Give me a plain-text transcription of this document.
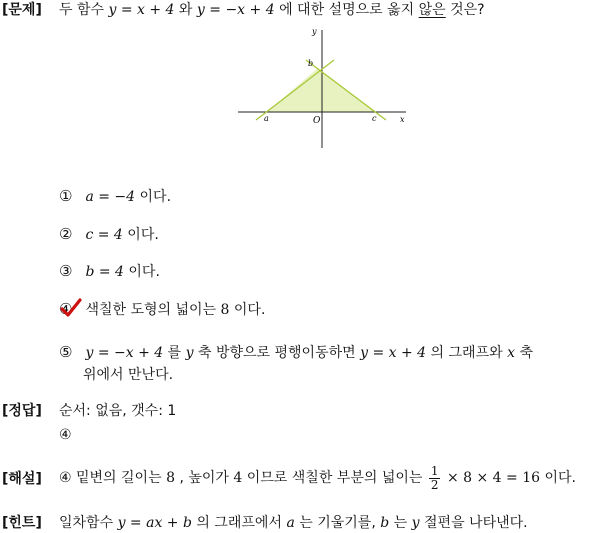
[문제] 두 함수 y = x + 4 와 y = −x + 4 에 대한 설명으로 옳지 않은 것은?
y
x
O
a
b
c
① a = −4 이다.
② c = 4 이다.
③ b = 4 이다.
④ 색칠한 도형의 넓이는 8 이다.
⑤ y = −x + 4 를 y 축 방향으로 평행이동하면 y = x + 4 의 그래프와 x 축
위에서 만난다.
[정답] 순서: 없음, 갯수: 1
④
[해설] ④ 밑변의 길이는 8 , 높이가 4 이므로 색칠한 부분의 넓이는 $\frac{1}{2} \times 8 \times 4 = 16$ 이다.
[힌트] 일차함수 y = ax + b 의 그래프에서 a 는 기울기를, b 는 y 절편을 나타낸다.
